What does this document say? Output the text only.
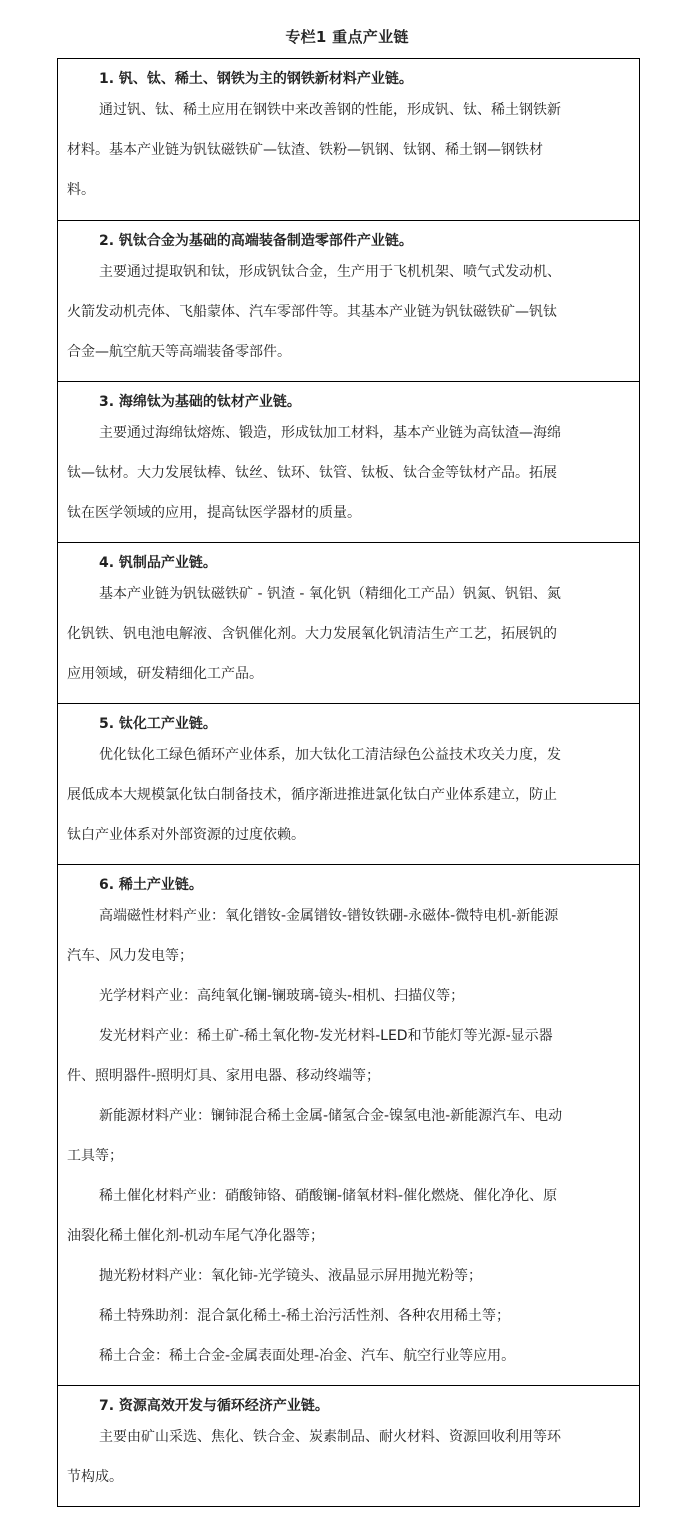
专栏1 重点产业链
1. 钒、钛、稀土、钢铁为主的钢铁新材料产业链。
通过钒、钛、稀土应用在钢铁中来改善钢的性能，形成钒、钛、稀土钢铁新
材料。基本产业链为钒钛磁铁矿—钛渣、铁粉—钒钢、钛钢、稀土钢—钢铁材
料。
2. 钒钛合金为基础的高端装备制造零部件产业链。
主要通过提取钒和钛，形成钒钛合金，生产用于飞机机架、喷气式发动机、
火箭发动机壳体、飞船蒙体、汽车零部件等。其基本产业链为钒钛磁铁矿—钒钛
合金—航空航天等高端装备零部件。
3. 海绵钛为基础的钛材产业链。
主要通过海绵钛熔炼、锻造，形成钛加工材料，基本产业链为高钛渣—海绵
钛—钛材。大力发展钛棒、钛丝、钛环、钛管、钛板、钛合金等钛材产品。拓展
钛在医学领域的应用，提高钛医学器材的质量。
4. 钒制品产业链。
基本产业链为钒钛磁铁矿 - 钒渣 - 氧化钒（精细化工产品）钒氮、钒铝、氮
化钒铁、钒电池电解液、含钒催化剂。大力发展氧化钒清洁生产工艺，拓展钒的
应用领域，研发精细化工产品。
5. 钛化工产业链。
优化钛化工绿色循环产业体系，加大钛化工清洁绿色公益技术攻关力度，发
展低成本大规模氯化钛白制备技术，循序渐进推进氯化钛白产业体系建立，防止
钛白产业体系对外部资源的过度依赖。
6. 稀土产业链。
高端磁性材料产业：氧化镨钕-金属镨钕-镨钕铁硼-永磁体-微特电机-新能源
汽车、风力发电等；
光学材料产业：高纯氧化镧-镧玻璃-镜头-相机、扫描仪等；
发光材料产业：稀土矿-稀土氧化物-发光材料-LED和节能灯等光源-显示器
件、照明器件-照明灯具、家用电器、移动终端等；
新能源材料产业：镧铈混合稀土金属-储氢合金-镍氢电池-新能源汽车、电动
工具等；
稀土催化材料产业：硝酸铈铬、硝酸镧-储氧材料-催化燃烧、催化净化、原
油裂化稀土催化剂-机动车尾气净化器等；
抛光粉材料产业：氧化铈-光学镜头、液晶显示屏用抛光粉等；
稀土特殊助剂：混合氯化稀土-稀土治污活性剂、各种农用稀土等；
稀土合金：稀土合金-金属表面处理-冶金、汽车、航空行业等应用。
7. 资源高效开发与循环经济产业链。
主要由矿山采选、焦化、铁合金、炭素制品、耐火材料、资源回收利用等环
节构成。
